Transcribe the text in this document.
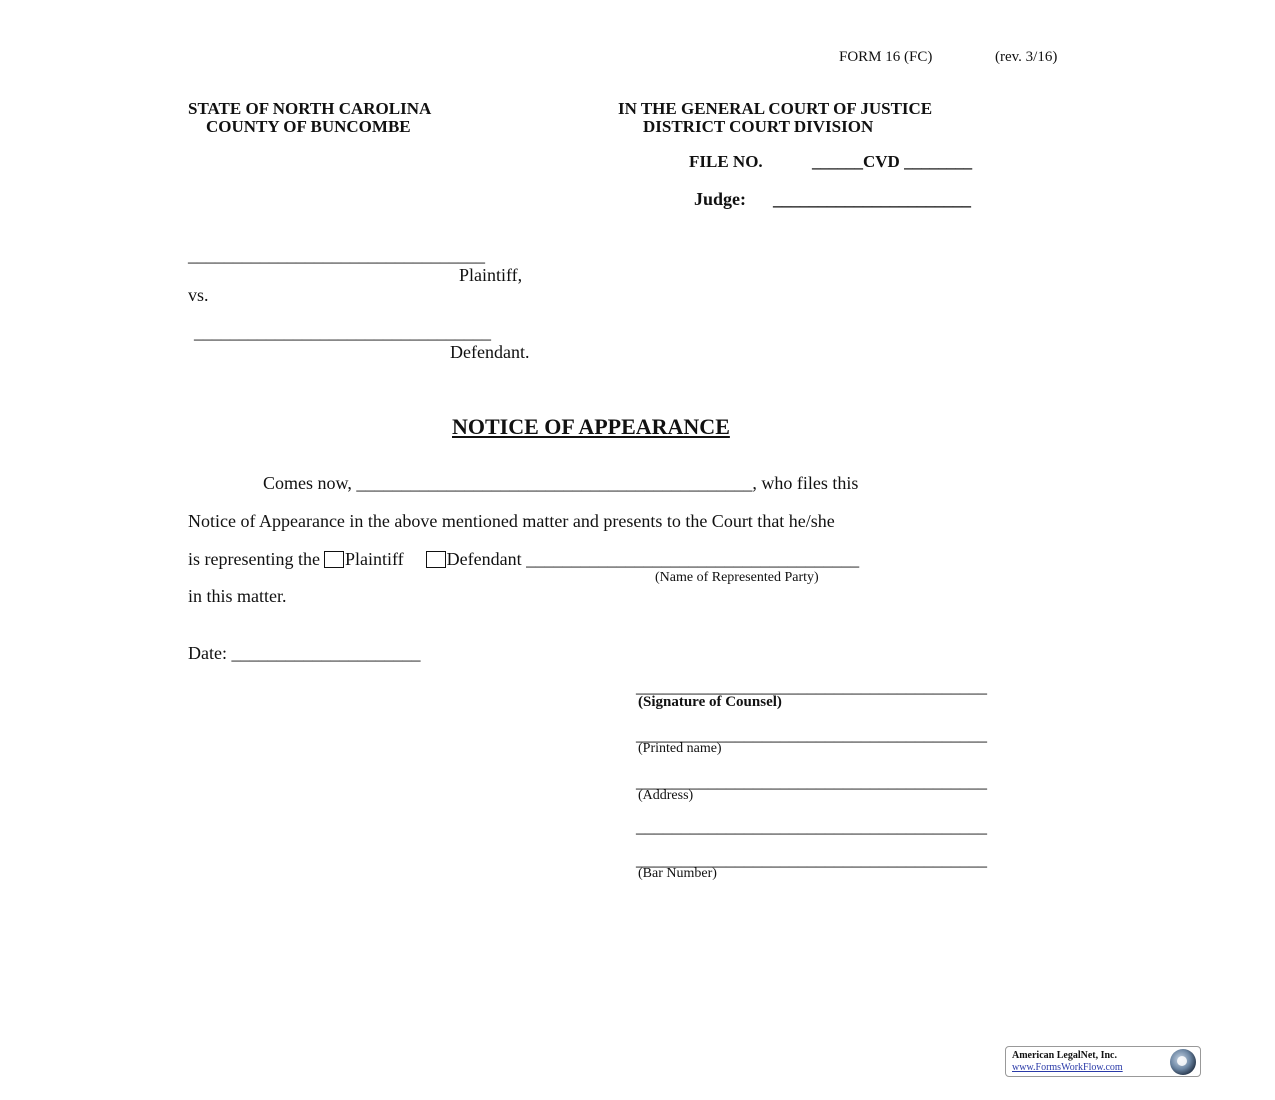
FORM 16 (FC)	(rev. 3/16)
STATE OF NORTH CAROLINA
COUNTY OF BUNCOMBE
IN THE GENERAL COURT OF JUSTICE
DISTRICT COURT DIVISION
FILE NO.	______CVD ________
Judge: ______________________
_________________________________
Plaintiff,
vs.
_________________________________
Defendant.
NOTICE OF APPEARANCE
Comes now, ____________________________________________, who files this
Notice of Appearance in the above mentioned matter and presents to the Court that he/she
is representing the Plaintiff Defendant _____________________________________
(Name of Represented Party)
in this matter.
Date: _____________________
_______________________________________
(Signature of Counsel)
_______________________________________
(Printed name)
_______________________________________
(Address)
_______________________________________
_______________________________________
(Bar Number)
American LegalNet, Inc.
www.FormsWorkFlow.com
